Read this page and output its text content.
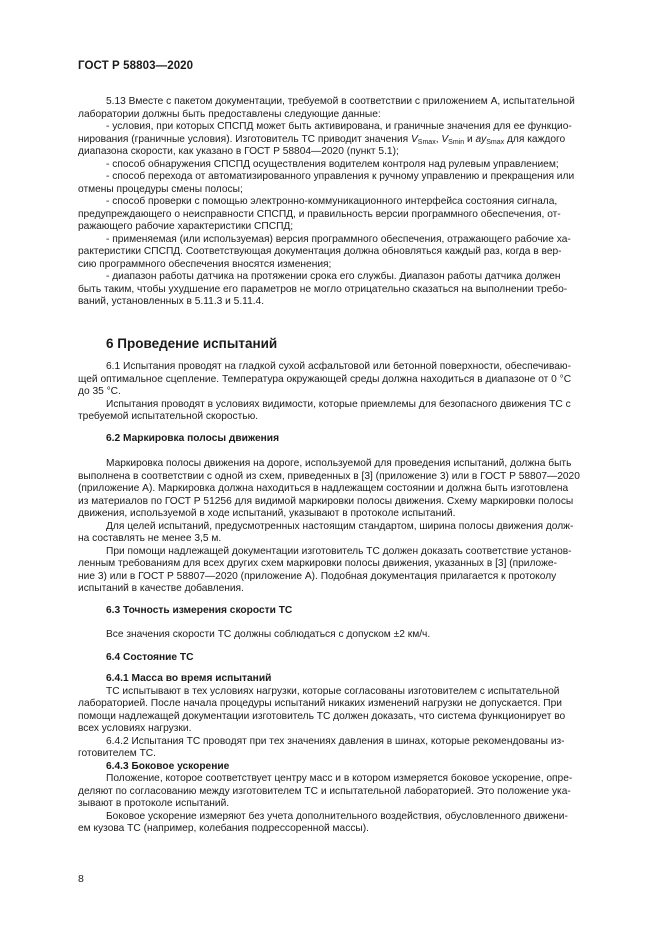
ГОСТ Р 58803—2020
5.13 Вместе с пакетом документации, требуемой в соответствии с приложением А, испытательной
лаборатории должны быть предоставлены следующие данные:
- условия, при которых СПСПД может быть активирована, и граничные значения для ее функцио-
нирования (граничные условия). Изготовитель ТС приводит значения $V_{Smax}$, $V_{Smin}$ и $ay_{Smax}$ для каждого
диапазона скорости, как указано в ГОСТ Р 58804—2020 (пункт 5.1);
- способ обнаружения СПСПД осуществления водителем контроля над рулевым управлением;
- способ перехода от автоматизированного управления к ручному управлению и прекращения или
отмены процедуры смены полосы;
- способ проверки с помощью электронно-коммуникационного интерфейса состояния сигнала,
предупреждающего о неисправности СПСПД, и правильность версии программного обеспечения, от-
ражающего рабочие характеристики СПСПД;
- применяемая (или используемая) версия программного обеспечения, отражающего рабочие ха-
рактеристики СПСПД. Соответствующая документация должна обновляться каждый раз, когда в вер-
сию программного обеспечения вносятся изменения;
- диапазон работы датчика на протяжении срока его службы. Диапазон работы датчика должен
быть таким, чтобы ухудшение его параметров не могло отрицательно сказаться на выполнении требо-
ваний, установленных в 5.11.3 и 5.11.4.
6 Проведение испытаний
6.1 Испытания проводят на гладкой сухой асфальтовой или бетонной поверхности, обеспечиваю-
щей оптимальное сцепление. Температура окружающей среды должна находиться в диапазоне от 0 °С
до 35 °С.
Испытания проводят в условиях видимости, которые приемлемы для безопасного движения ТС с
требуемой испытательной скоростью.
6.2 Маркировка полосы движения
Маркировка полосы движения на дороге, используемой для проведения испытаний, должна быть
выполнена в соответствии с одной из схем, приведенных в [3] (приложение 3) или в ГОСТ Р 58807—2020
(приложение А). Маркировка должна находиться в надлежащем состоянии и должна быть изготовлена
из материалов по ГОСТ Р 51256 для видимой маркировки полосы движения. Схему маркировки полосы
движения, используемой в ходе испытаний, указывают в протоколе испытаний.
Для целей испытаний, предусмотренных настоящим стандартом, ширина полосы движения долж-
на составлять не менее 3,5 м.
При помощи надлежащей документации изготовитель ТС должен доказать соответствие установ-
ленным требованиям для всех других схем маркировки полосы движения, указанных в [3] (приложе-
ние 3) или в ГОСТ Р 58807—2020 (приложение А). Подобная документация прилагается к протоколу
испытаний в качестве добавления.
6.3 Точность измерения скорости ТС
Все значения скорости ТС должны соблюдаться с допуском ±2 км/ч.
6.4 Состояние ТС
6.4.1 Масса во время испытаний
ТС испытывают в тех условиях нагрузки, которые согласованы изготовителем с испытательной
лабораторией. После начала процедуры испытаний никаких изменений нагрузки не допускается. При
помощи надлежащей документации изготовитель ТС должен доказать, что система функционирует во
всех условиях нагрузки.
6.4.2 Испытания ТС проводят при тех значениях давления в шинах, которые рекомендованы из-
готовителем ТС.
6.4.3 Боковое ускорение
Положение, которое соответствует центру масс и в котором измеряется боковое ускорение, опре-
деляют по согласованию между изготовителем ТС и испытательной лабораторией. Это положение ука-
зывают в протоколе испытаний.
Боковое ускорение измеряют без учета дополнительного воздействия, обусловленного движени-
ем кузова ТС (например, колебания подрессоренной массы).
8
